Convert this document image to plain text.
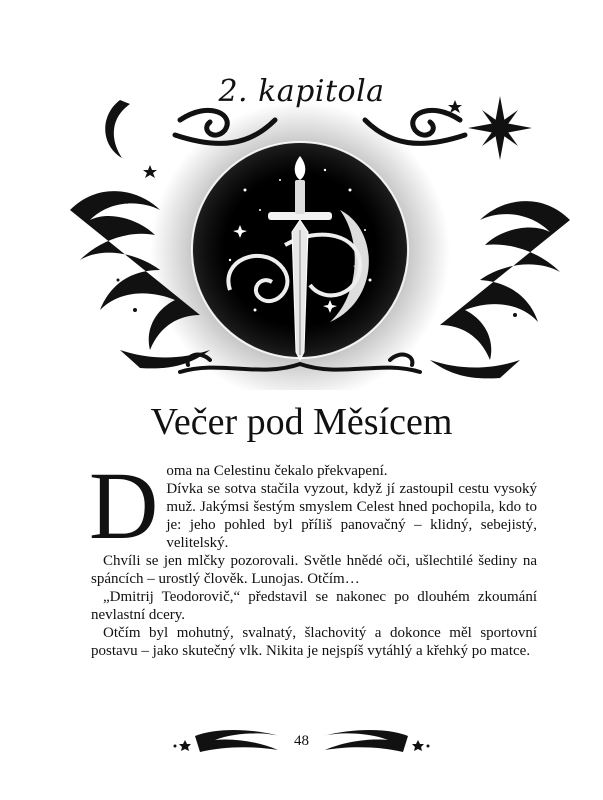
2. kapitola
Večer pod Měsícem
D oma na Celestinu čekalo překvapení.

Dívka se sotva stačila vyzout, když jí zastoupil cestu vysoký muž. Jakýmsi šestým smyslem Celest hned pochopila, kdo to je: jeho pohled byl příliš panovačný – klidný, sebejistý, velitelský.

Chvíli se jen mlčky pozorovali. Světle hnědé oči, ušlechtilé šediny na spáncích – urostlý člověk. Lunojas. Otčím…

„Dmitrij Teodorovič,“ představil se nakonec po dlouhém zkoumání nevlastní dcery.

Otčím byl mohutný, svalnatý, šlachovitý a dokonce měl sportovní postavu – jako skutečný vlk. Nikita je nejspíš vytáhlý a křehký po matce.

48
